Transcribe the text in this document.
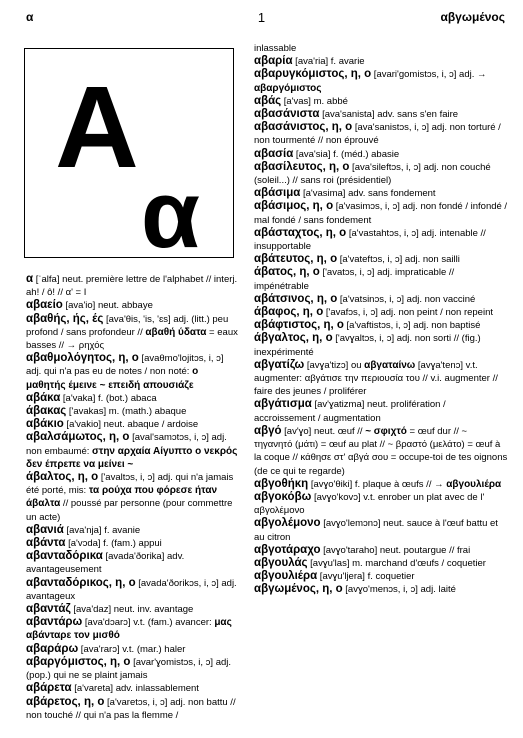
α	1	αβγωμένος
Α
α
α [ˈalfa] neut. première lettre de l'alphabet // interj. ah! / ô! // α' = I
αβαείο [ava'io] neut. abbaye
αβαθής, ής, ές [ava'θis, 'is, 'ɛs] adj. (litt.) peu profond / sans profondeur // αβαθή ύδατα = eaux basses // → ρηχός
αβαθμολόγητος, η, ο [avaθmo'lojitɔs, i, ɔ] adj. qui n'a pas eu de notes / non noté: ο μαθητής έμεινε ~ επειδή απουσιάζε
αβάκα [a'vaka] f. (bot.) abaca
άβακας ['avakas] m. (math.) abaque
αβάκιο [a'vakio] neut. abaque / ardoise
αβαλσάμωτος, η, ο [aval'samɔtɔs, i, ɔ] adj. non embaumé: στην αρχαία Αίγυπτο ο νεκρός δεν έπρεπε να μείνει ~
άβαλτος, η, ο ['avaltɔs, i, ɔ] adj. qui n'a jamais été porté, mis: τα ρούχα που φόρεσε ήταν άβαλτα // poussé par personne (pour commettre un acte)
αβανιά [ava'nja] f. avanie
αβάντα [a'vɔda] f. (fam.) appui
αβανταδόρικα [avada'ðorika] adv. avantageusement
αβανταδόρικος, η, ο [avada'ðorikɔs, i, ɔ] adj. avantageux
αβαντάζ [ava'daz] neut. inv. avantage
αβαντάρω [ava'dɔarɔ] v.t. (fam.) avancer: μας αβάνταρε τον μισθό
αβαράρω [ava'rarɔ] v.t. (mar.) haler
αβαργόμιστος, η, ο [avar'ɣomistɔs, i, ɔ] adj. (pop.) qui ne se plaint jamais
αβάρετα [a'vareta] adv. inlassablement
αβάρετος, η, ο [a'varetɔs, i, ɔ] adj. non battu // non touché // qui n'a pas la flemme /
inlassable
αβαρία [ava'ria] f. avarie
αβαρυγκόμιστος, η, ο [avari'gomistɔs, i, ɔ] adj. → αβαργόμιστος
αβάς [a'vas] m. abbé
αβασάνιστα [ava'sanista] adv. sans s'en faire
αβασάνιστος, η, ο [ava'sanistɔs, i, ɔ] adj. non torturé / non tourmenté // non éprouvé
αβασία [ava'sia] f. (méd.) abasie
αβασίλευτος, η, ο [ava'sileftɔs, i, ɔ] adj. non couché (soleil...) // sans roi (présidentiel)
αβάσιμα [a'vasima] adv. sans fondement
αβάσιμος, η, ο [a'vasimɔs, i, ɔ] adj. non fondé / infondé / mal fondé / sans fondement
αβάσταχτος, η, ο [a'vastahtɔs, i, ɔ] adj. intenable // insupportable
αβάτευτος, η, ο [a'vateftɔs, i, ɔ] adj. non sailli
άβατος, η, ο ['avatɔs, i, ɔ] adj. impraticable // impénétrable
αβάτσινος, η, ο [a'vatsinɔs, i, ɔ] adj. non vacciné
άβαφος, η, ο ['avafɔs, i, ɔ] adj. non peint / non repeint
αβάφτιστος, η, ο [a'vaftistɔs, i, ɔ] adj. non baptisé
άβγαλτος, η, ο ['avɣaltɔs, i, ɔ] adj. non sorti // (fig.) inexpérimenté
αβγατίζω [avɣa'tizɔ] ou αβγαταίνω [avɣa'tenɔ] v.t. augmenter: αβγάτισε την περιουσία του // v.i. augmenter // faire des jeunes / proliférer
αβγάτισμα [av'ɣatizma] neut. prolifération / accroissement / augmentation
αβγό [av'ɣo] neut. œuf // ~ σφιχτό = œuf dur // ~ τηγανητό (μάτι) = œuf au plat // ~ βραστό (μελάτο) = œuf à la coque // κάθησε στ' αβγά σου = occupe-toi de tes oignons (de ce qui te regarde)
αβγοθήκη [avɣo'θiki] f. plaque à œufs // → αβγουλιέρα
αβγοκόβω [avɣo'kovɔ] v.t. enrober un plat avec de l' αβγολέμονο
αβγολέμονο [avɣo'lemɔnɔ] neut. sauce à l'œuf battu et au citron
αβγοτάραχο [avɣo'taraho] neut. poutargue // frai
αβγουλάς [avɣu'las] m. marchand d'œufs / coquetier
αβγουλιέρα [avɣu'ljera] f. coquetier
αβγωμένος, η, ο [avɣo'menɔs, i, ɔ] adj. laité
